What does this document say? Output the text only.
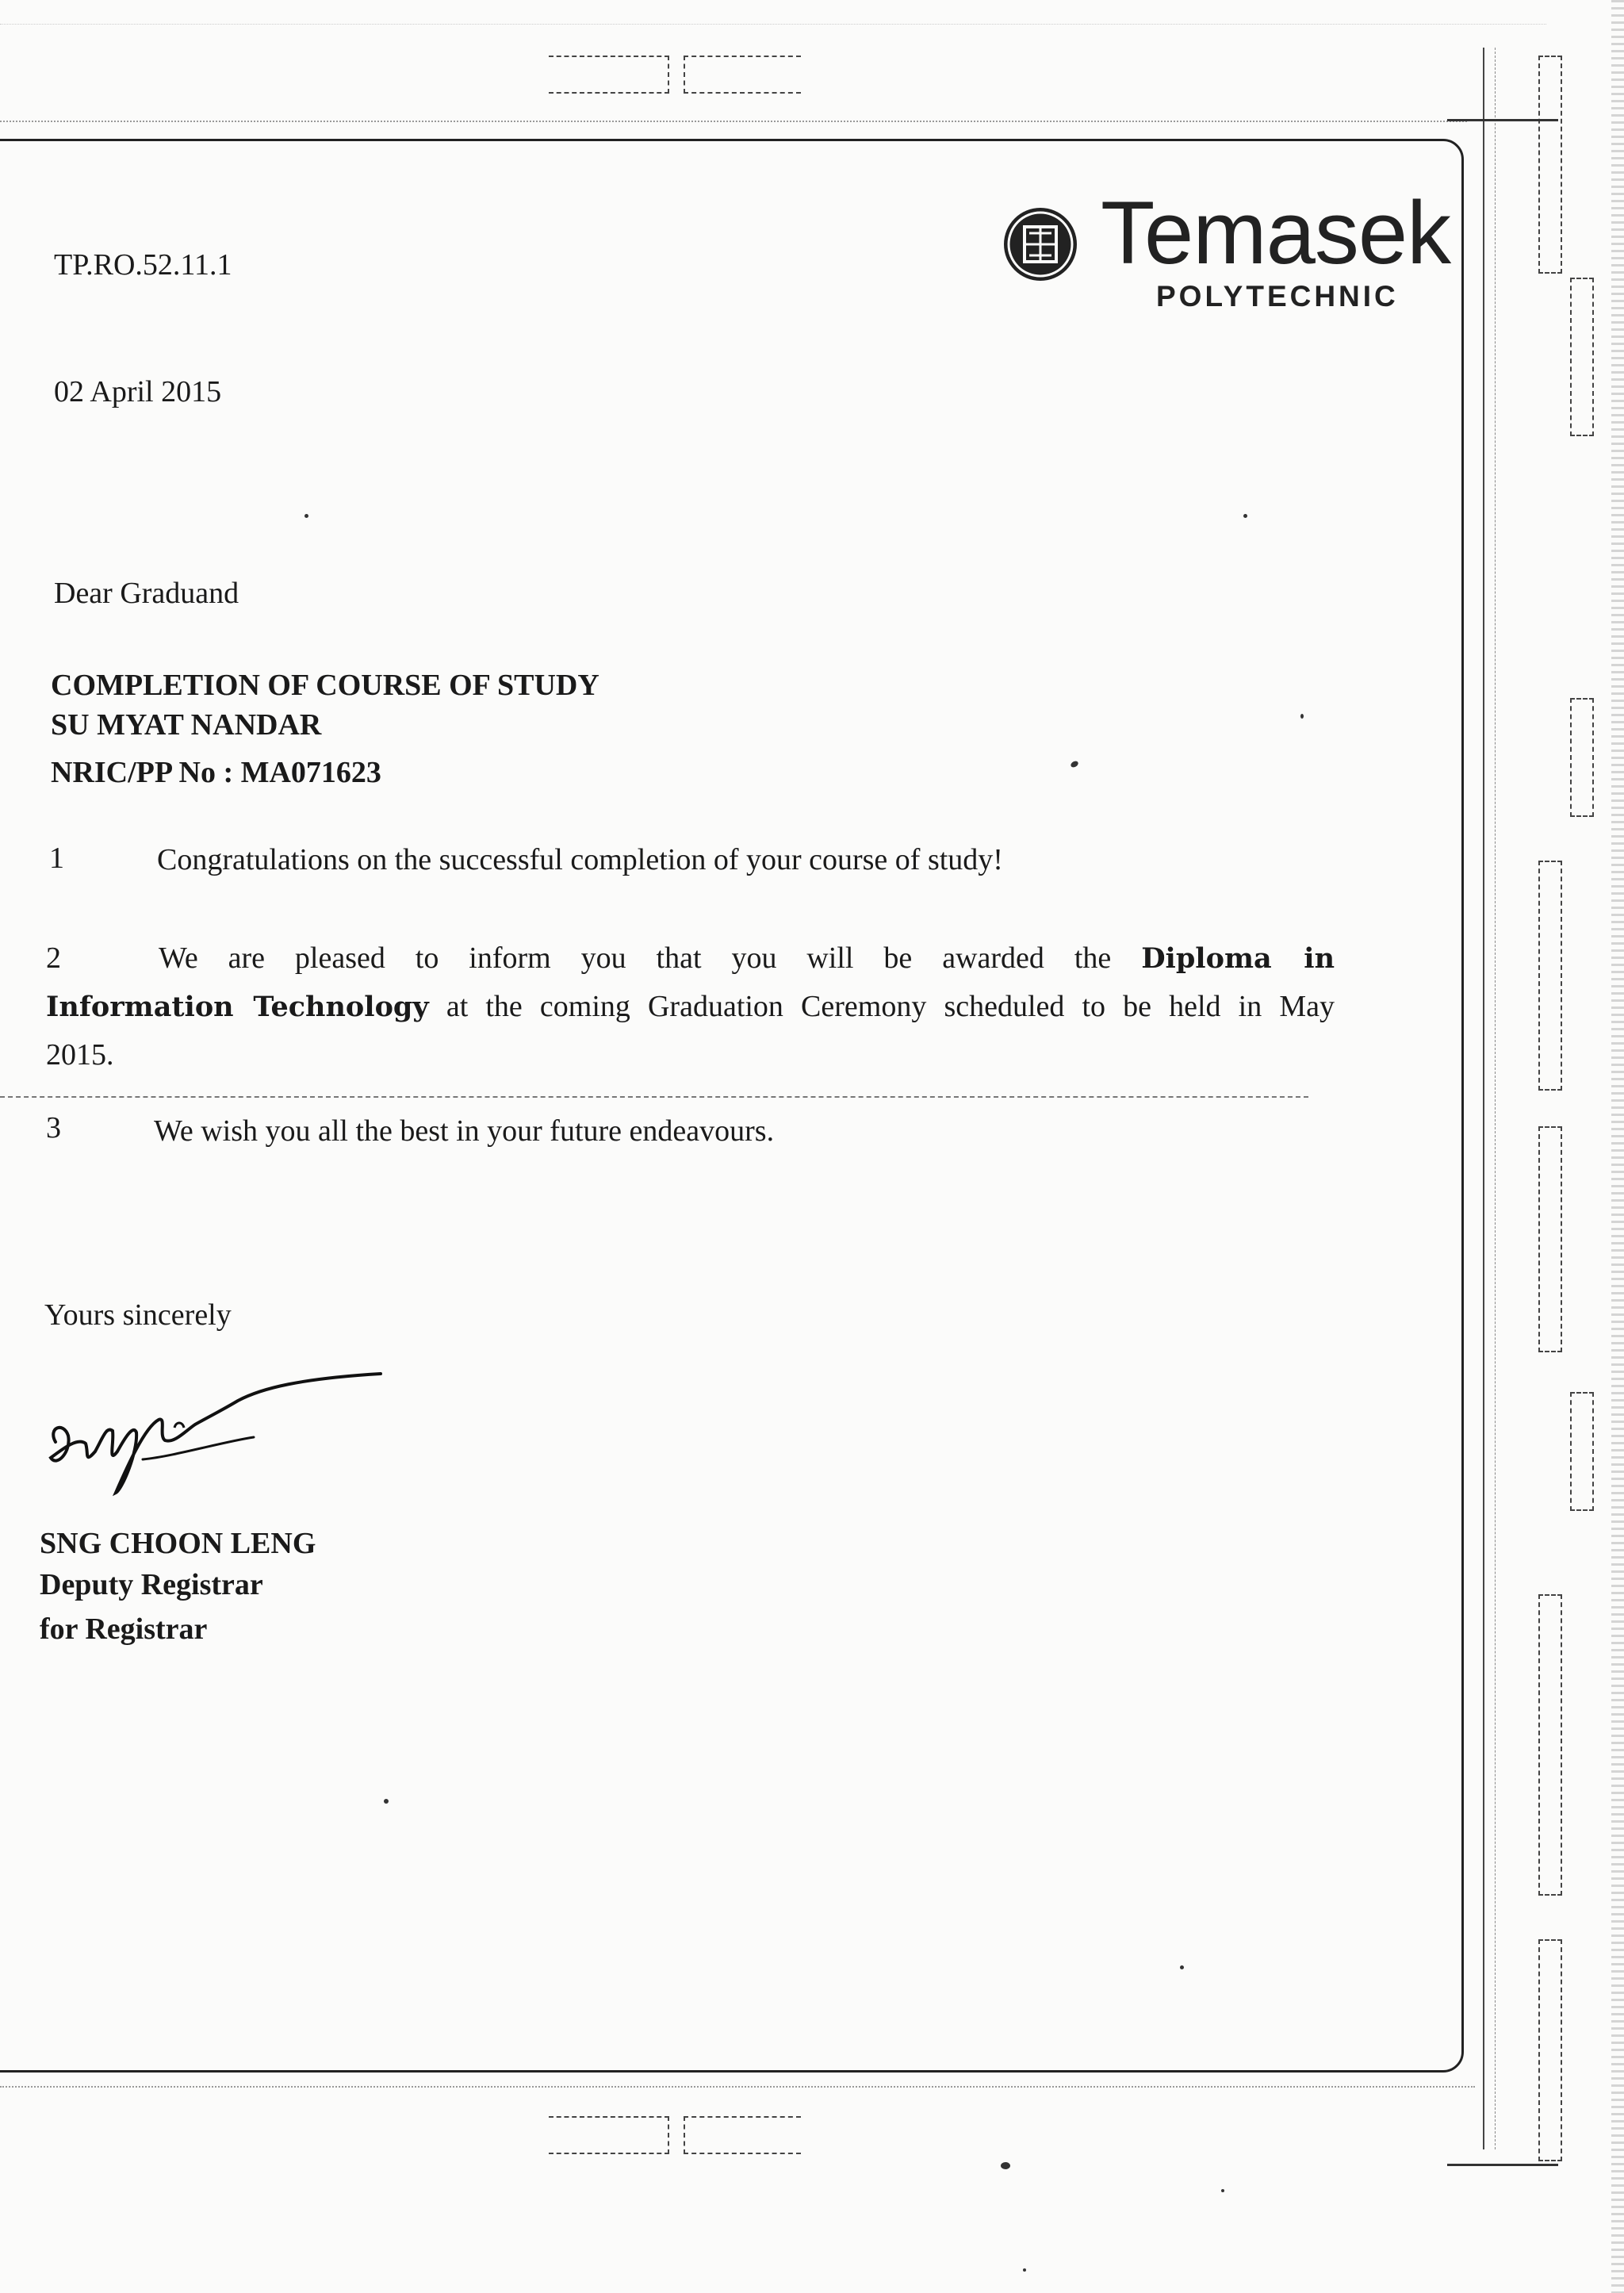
Temasek
POLYTECHNIC
TP.RO.52.11.1
02 April 2015
Dear Graduand
COMPLETION OF COURSE OF STUDY
SU MYAT NANDAR
NRIC/PP No : MA071623
1	Congratulations on the successful completion of your course of study!
2	We are pleased to inform you that you will be awarded the Diploma in Information Technology at the coming Graduation Ceremony scheduled to be held in May 2015.
3	We wish you all the best in your future endeavours.
Yours sincerely
SNG CHOON LENG
Deputy Registrar
for Registrar
